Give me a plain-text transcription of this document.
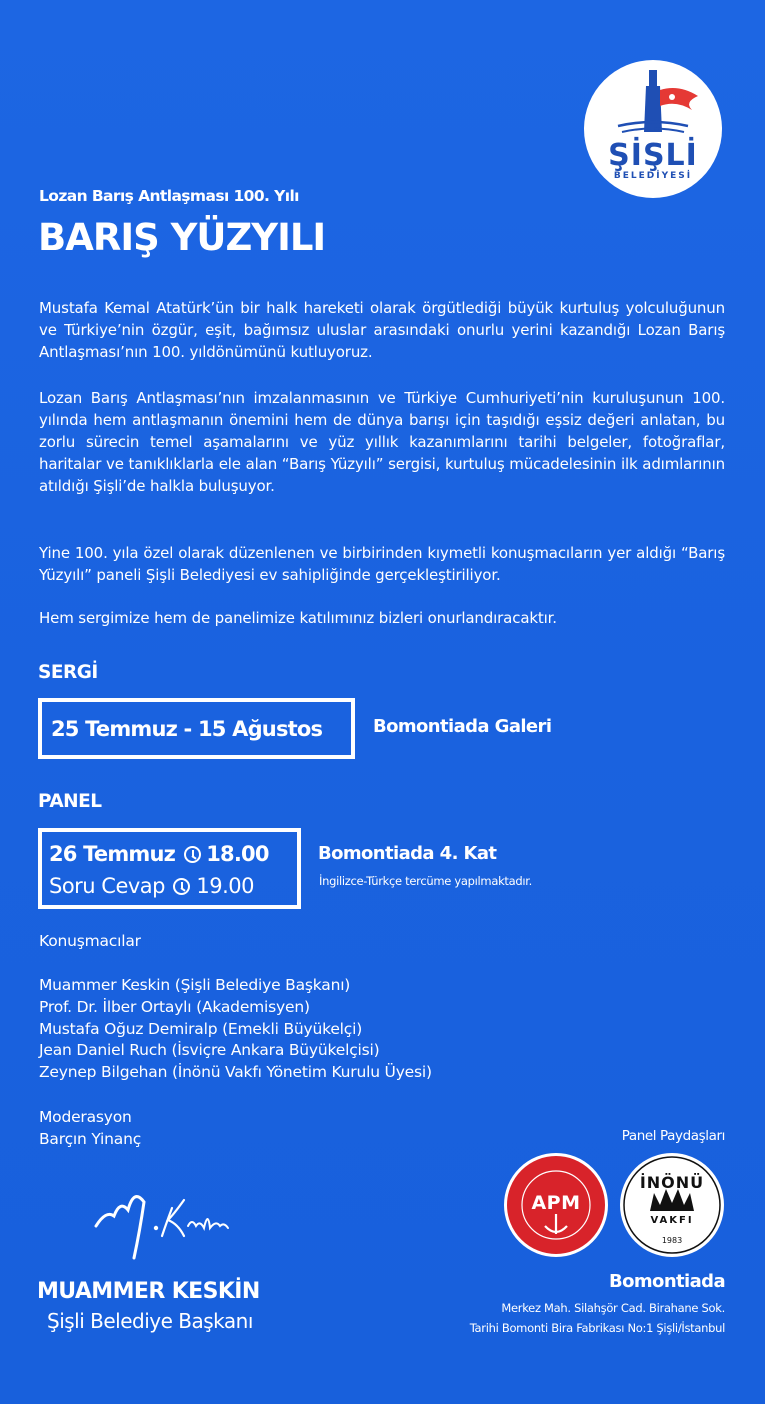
ŞİŞLİ
BELEDİYESİ
Lozan Barış Antlaşması 100. Yılı
BARIŞ YÜZYILI
Mustafa Kemal Atatürk’ün bir halk hareketi olarak örgütlediği büyük kurtuluş yolculuğunun ve Türkiye’nin özgür, eşit, bağımsız uluslar arasındaki onurlu yerini kazandığı Lozan Barış Antlaşması’nın 100. yıldönümünü kutluyoruz.
Lozan Barış Antlaşması’nın imzalanmasının ve Türkiye Cumhuriyeti’nin kuruluşunun 100. yılında hem antlaşmanın önemini hem de dünya barışı için taşıdığı eşsiz değeri anlatan, bu zorlu sürecin temel aşamalarını ve yüz yıllık kazanımlarını tarihi belgeler, fotoğraflar, haritalar ve tanıklıklarla ele alan “Barış Yüzyılı” sergisi, kurtuluş mücadelesinin ilk adımlarının atıldığı Şişli’de halkla buluşuyor.
Yine 100. yıla özel olarak düzenlenen ve birbirinden kıymetli konuşmacıların yer aldığı “Barış Yüzyılı” paneli Şişli Belediyesi ev sahipliğinde gerçekleştiriliyor.
Hem sergimize hem de panelimize katılımınız bizleri onurlandıracaktır.
SERGİ
25 Temmuz - 15 Ağustos	Bomontiada Galeri
PANEL
26 Temmuz 18.00
Soru Cevap 19.00
Bomontiada 4. Kat
İngilizce-Türkçe tercüme yapılmaktadır.
Konuşmacılar
Muammer Keskin (Şişli Belediye Başkanı)
Prof. Dr. İlber Ortaylı (Akademisyen)
Mustafa Oğuz Demiralp (Emekli Büyükelçi)
Jean Daniel Ruch (İsviçre Ankara Büyükelçisi)
Zeynep Bilgehan (İnönü Vakfı Yönetim Kurulu Üyesi)
Moderasyon
Barçın Yinanç
MUAMMER KESKİN
Şişli Belediye Başkanı
Panel Paydaşları
APM
İNÖNÜ
VAKFI
1983
Bomontiada
Merkez Mah. Silahşör Cad. Birahane Sok.
Tarihi Bomonti Bira Fabrikası No:1 Şişli/İstanbul
